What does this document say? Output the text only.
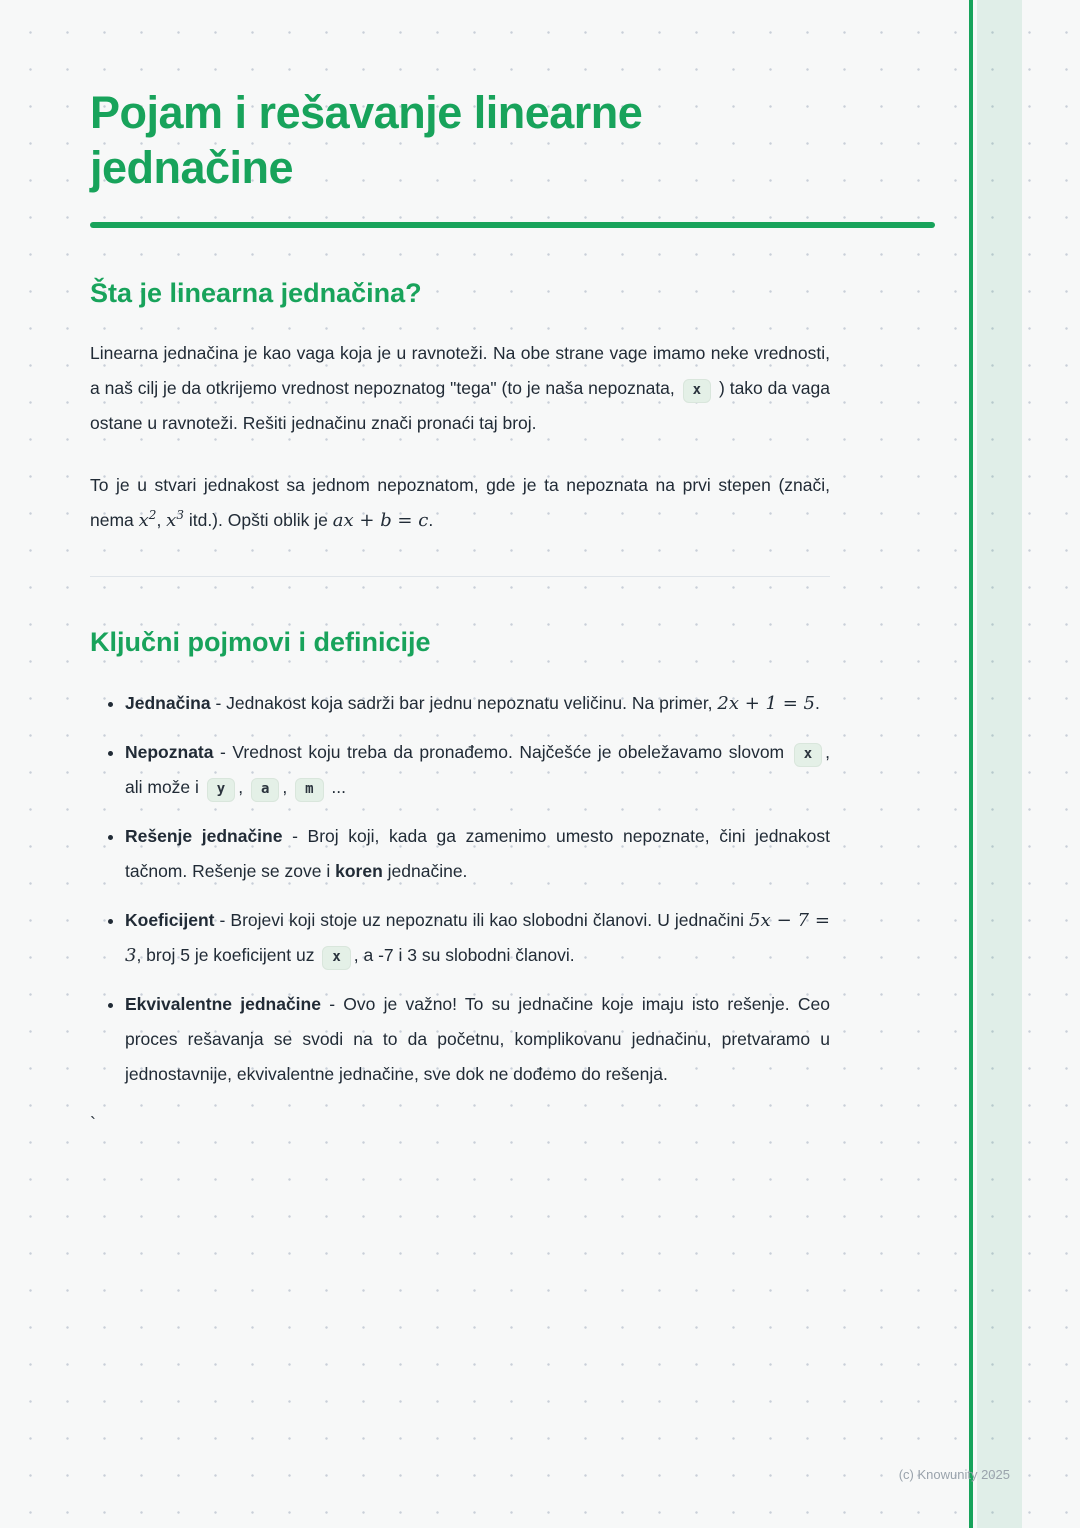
Pojam i rešavanje linearne jednačine
Šta je linearna jednačina?

Linearna jednačina je kao vaga koja je u ravnoteži. Na obe strane vage imamo neke vrednosti, a naš cilj je da otkrijemo vrednost nepoznatog "tega" (to je naša nepoznata, x ) tako da vaga ostane u ravnoteži. Rešiti jednačinu znači pronaći taj broj.

To je u stvari jednakost sa jednom nepoznatom, gde je ta nepoznata na prvi stepen (znači, nema $x^2$, $x^3$ itd.). Opšti oblik je ax + b = c.

Ključni pojmovi i definicije
• Jednačina - Jednakost koja sadrži bar jednu nepoznatu veličinu. Na primer, 2x + 1 = 5.
• Nepoznata - Vrednost koju treba da pronađemo. Najčešće je obeležavamo slovom x , ali može i y , a , m ...
• Rešenje jednačine - Broj koji, kada ga zamenimo umesto nepoznate, čini jednakost tačnom. Rešenje se zove i koren jednačine.
• Koeficijent - Brojevi koji stoje uz nepoznatu ili kao slobodni članovi. U jednačini 5x − 7 = 3, broj 5 je koeficijent uz x , a -7 i 3 su slobodni članovi.
• Ekvivalentne jednačine - Ovo je važno! To su jednačine koje imaju isto rešenje. Ceo proces rešavanja se svodi na to da početnu, komplikovanu jednačinu, pretvaramo u jednostavnije, ekvivalentne jednačine, sve dok ne dođemo do rešenja.
`
(c) Knowunity 2025
